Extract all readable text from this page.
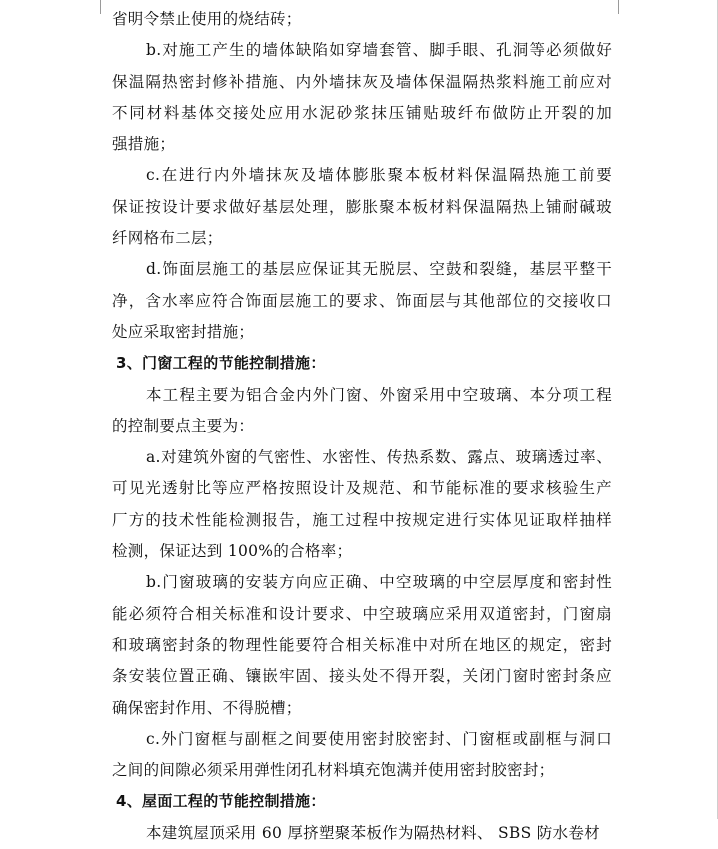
省明令禁止使用的烧结砖；

b.对施工产生的墙体缺陷如穿墙套管、脚手眼、孔洞等必须做好
保温隔热密封修补措施、内外墙抹灰及墙体保温隔热浆料施工前应对
不同材料基体交接处应用水泥砂浆抹压铺贴玻纤布做防止开裂的加
强措施；

c.在进行内外墙抹灰及墙体膨胀聚本板材料保温隔热施工前要
保证按设计要求做好基层处理，膨胀聚本板材料保温隔热上铺耐碱玻
纤网格布二层；

d.饰面层施工的基层应保证其无脱层、空鼓和裂缝，基层平整干
净，含水率应符合饰面层施工的要求、饰面层与其他部位的交接收口
处应采取密封措施；

3、门窗工程的节能控制措施：

本工程主要为铝合金内外门窗、外窗采用中空玻璃、本分项工程
的控制要点主要为：

a.对建筑外窗的气密性、水密性、传热系数、露点、玻璃透过率、
可见光透射比等应严格按照设计及规范、和节能标准的要求核验生产
厂方的技术性能检测报告，施工过程中按规定进行实体见证取样抽样
检测，保证达到 100%的合格率；

b.门窗玻璃的安装方向应正确、中空玻璃的中空层厚度和密封性
能必须符合相关标准和设计要求、中空玻璃应采用双道密封，门窗扇
和玻璃密封条的物理性能要符合相关标准中对所在地区的规定，密封
条安装位置正确、镶嵌牢固、接头处不得开裂，关闭门窗时密封条应
确保密封作用、不得脱槽；

c.外门窗框与副框之间要使用密封胶密封、门窗框或副框与洞口
之间的间隙必须采用弹性闭孔材料填充饱满并使用密封胶密封；

4、屋面工程的节能控制措施：

本建筑屋顶采用 60 厚挤塑聚苯板作为隔热材料、 SBS 防水卷材
